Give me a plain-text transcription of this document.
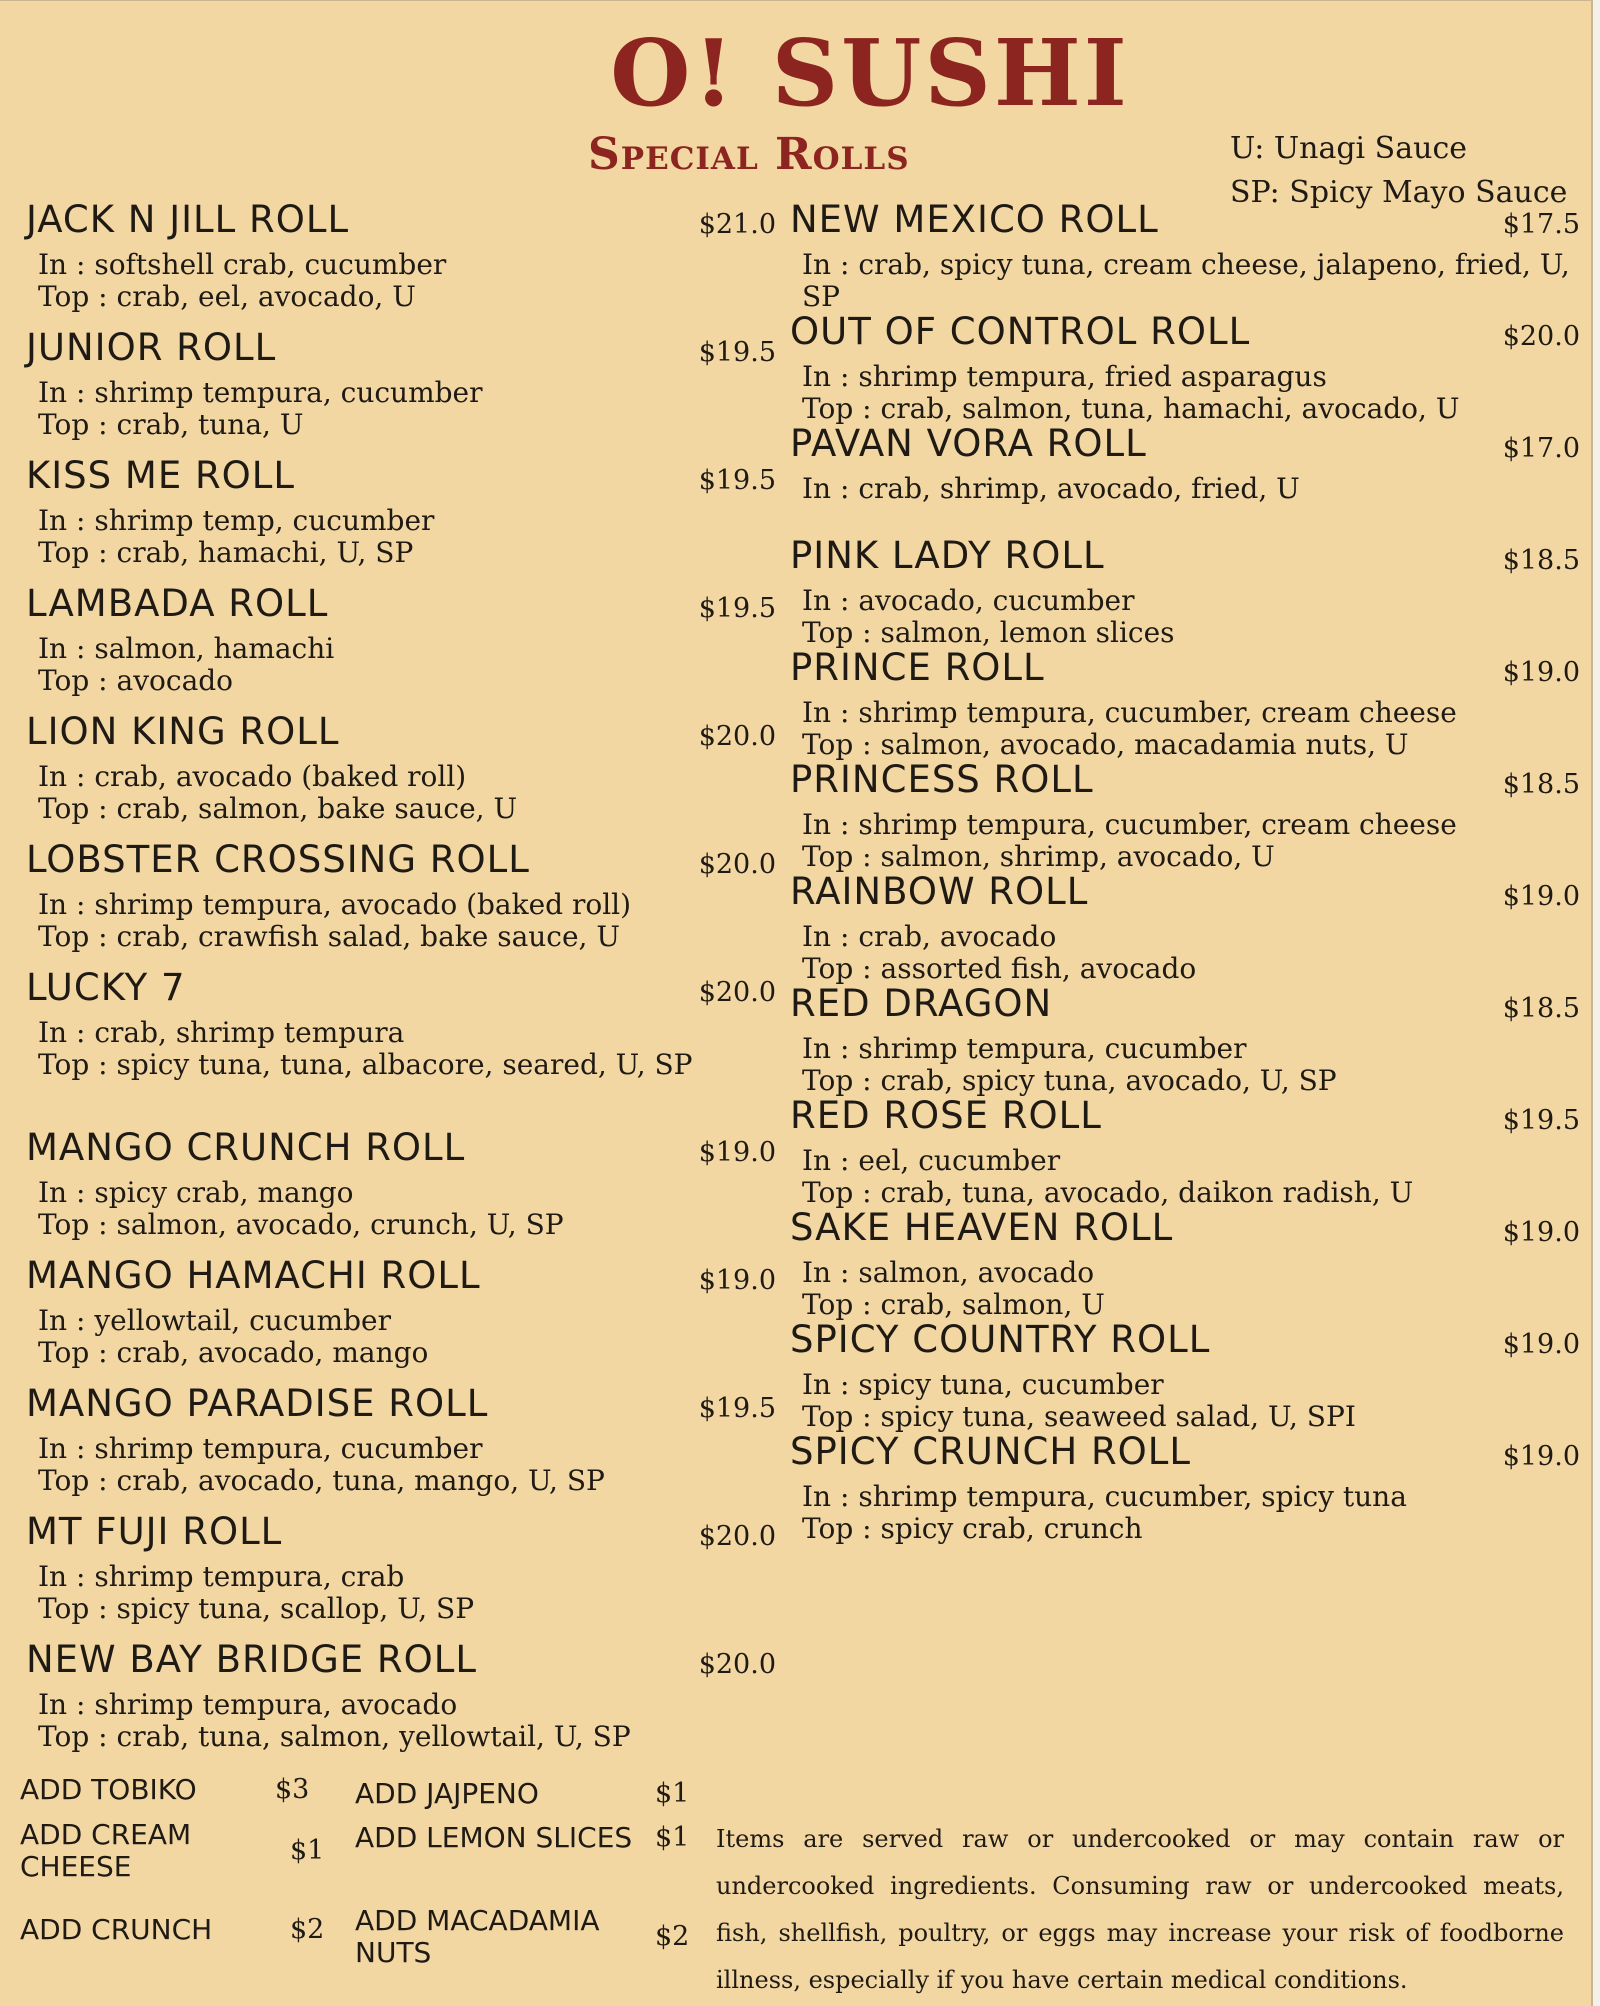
O! SUSHI
Special Rolls	U: Unagi Sauce
SP: Spicy Mayo Sauce
JACK N JILL ROLL	$21.0
In : softshell crab, cucumber
Top : crab, eel, avocado, U
JUNIOR ROLL	$19.5
In : shrimp tempura, cucumber
Top : crab, tuna, U
KISS ME ROLL	$19.5
In : shrimp temp, cucumber
Top : crab, hamachi, U, SP
LAMBADA ROLL	$19.5
In : salmon, hamachi
Top : avocado
LION KING ROLL	$20.0
In : crab, avocado (baked roll)
Top : crab, salmon, bake sauce, U
LOBSTER CROSSING ROLL	$20.0
In : shrimp tempura, avocado (baked roll)
Top : crab, crawfish salad, bake sauce, U
LUCKY 7	$20.0
In : crab, shrimp tempura
Top : spicy tuna, tuna, albacore, seared, U, SP
MANGO CRUNCH ROLL	$19.0
In : spicy crab, mango
Top : salmon, avocado, crunch, U, SP
MANGO HAMACHI ROLL	$19.0
In : yellowtail, cucumber
Top : crab, avocado, mango
MANGO PARADISE ROLL	$19.5
In : shrimp tempura, cucumber
Top : crab, avocado, tuna, mango, U, SP
MT FUJI ROLL	$20.0
In : shrimp tempura, crab
Top : spicy tuna, scallop, U, SP
NEW BAY BRIDGE ROLL	$20.0
In : shrimp tempura, avocado
Top : crab, tuna, salmon, yellowtail, U, SP
NEW MEXICO ROLL	$17.5
In : crab, spicy tuna, cream cheese, jalapeno, fried, U, SP
OUT OF CONTROL ROLL	$20.0
In : shrimp tempura, fried asparagus
Top : crab, salmon, tuna, hamachi, avocado, U
PAVAN VORA ROLL	$17.0
In : crab, shrimp, avocado, fried, U
PINK LADY ROLL	$18.5
In : avocado, cucumber
Top : salmon, lemon slices
PRINCE ROLL	$19.0
In : shrimp tempura, cucumber, cream cheese
Top : salmon, avocado, macadamia nuts, U
PRINCESS ROLL	$18.5
In : shrimp tempura, cucumber, cream cheese
Top : salmon, shrimp, avocado, U
RAINBOW ROLL	$19.0
In : crab, avocado
Top : assorted fish, avocado
RED DRAGON	$18.5
In : shrimp tempura, cucumber
Top : crab, spicy tuna, avocado, U, SP
RED ROSE ROLL	$19.5
In : eel, cucumber
Top : crab, tuna, avocado, daikon radish, U
SAKE HEAVEN ROLL	$19.0
In : salmon, avocado
Top : crab, salmon, U
SPICY COUNTRY ROLL	$19.0
In : spicy tuna, cucumber
Top : spicy tuna, seaweed salad, U, SPI
SPICY CRUNCH ROLL	$19.0
In : shrimp tempura, cucumber, spicy tuna
Top : spicy crab, crunch
ADD TOBIKO	$3 ADD JAJPENO	$1
ADD CREAM CHEESE	$1 ADD LEMON SLICES $1
ADD CRUNCH	$2 ADD MACADAMIA NUTS	$2
Items are served raw or undercooked or may contain raw or undercooked ingredients. Consuming raw or undercooked meats, fish, shellfish, poultry, or eggs may increase your risk of foodborne illness, especially if you have certain medical conditions.
